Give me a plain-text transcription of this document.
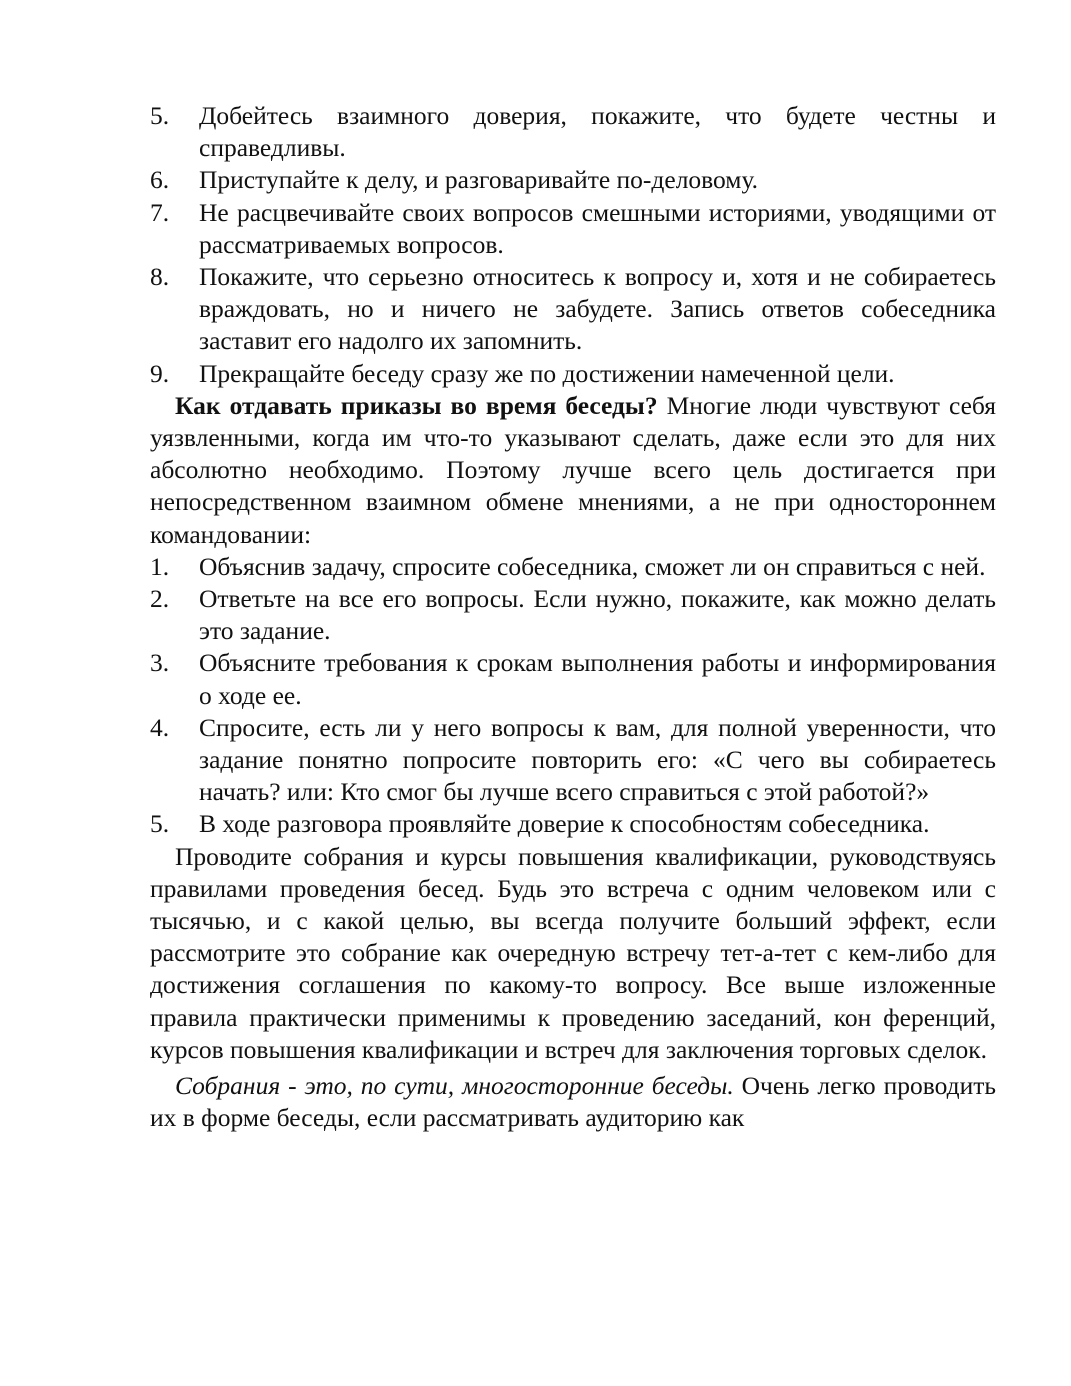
5.	Добейтесь взаимного доверия, покажите, что будете честны и справедливы.
6.	Приступайте к делу, и разговаривайте по-деловому.
7.	Не расцвечивайте своих вопросов смешными историями, уводящими от рассматриваемых вопросов.
8.	Покажите, что серьезно относитесь к вопросу и, хотя и не собираетесь враждовать, но и ничего не забудете. Запись ответов собеседника заставит его надолго их запомнить.
9.	Прекращайте беседу сразу же по достижении намеченной цели.

Как отдавать приказы во время беседы? Многие люди чувствуют себя уязвленными, когда им что-то указывают сделать, даже если это для них абсолютно необходимо. Поэтому лучше всего цель достигается при непосредственном взаимном обмене мнениями, а не при одностороннем командовании:

1.	Объяснив задачу, спросите собеседника, сможет ли он справиться с ней.
2.	Ответьте на все его вопросы. Если нужно, покажите, как можно делать это задание.
3.	Объясните требования к срокам выполнения работы и информирования о ходе ее.
4.	Спросите, есть ли у него вопросы к вам, для полной уверенности, что задание понятно попросите повторить его: «С чего вы собираетесь начать? или: Кто смог бы лучше всего справиться с этой работой?»
5.	В ходе разговора проявляйте доверие к способностям собеседника.

Проводите собрания и курсы повышения квалификации, руководствуясь правилами проведения бесед. Будь это встреча с одним человеком или с тысячью, и с какой целью, вы всегда получите больший эффект, если рассмотрите это собрание как очередную встречу тет-а-тет с кем-либо для достижения соглашения по какому-то вопросу. Все выше изложенные правила практически применимы к проведению заседаний, кон ференций, курсов повышения квалификации и встреч для заключения торговых сделок.

Собрания - это, по сути, многосторонние беседы. Очень легко проводить их в форме беседы, если рассматривать аудиторию как
